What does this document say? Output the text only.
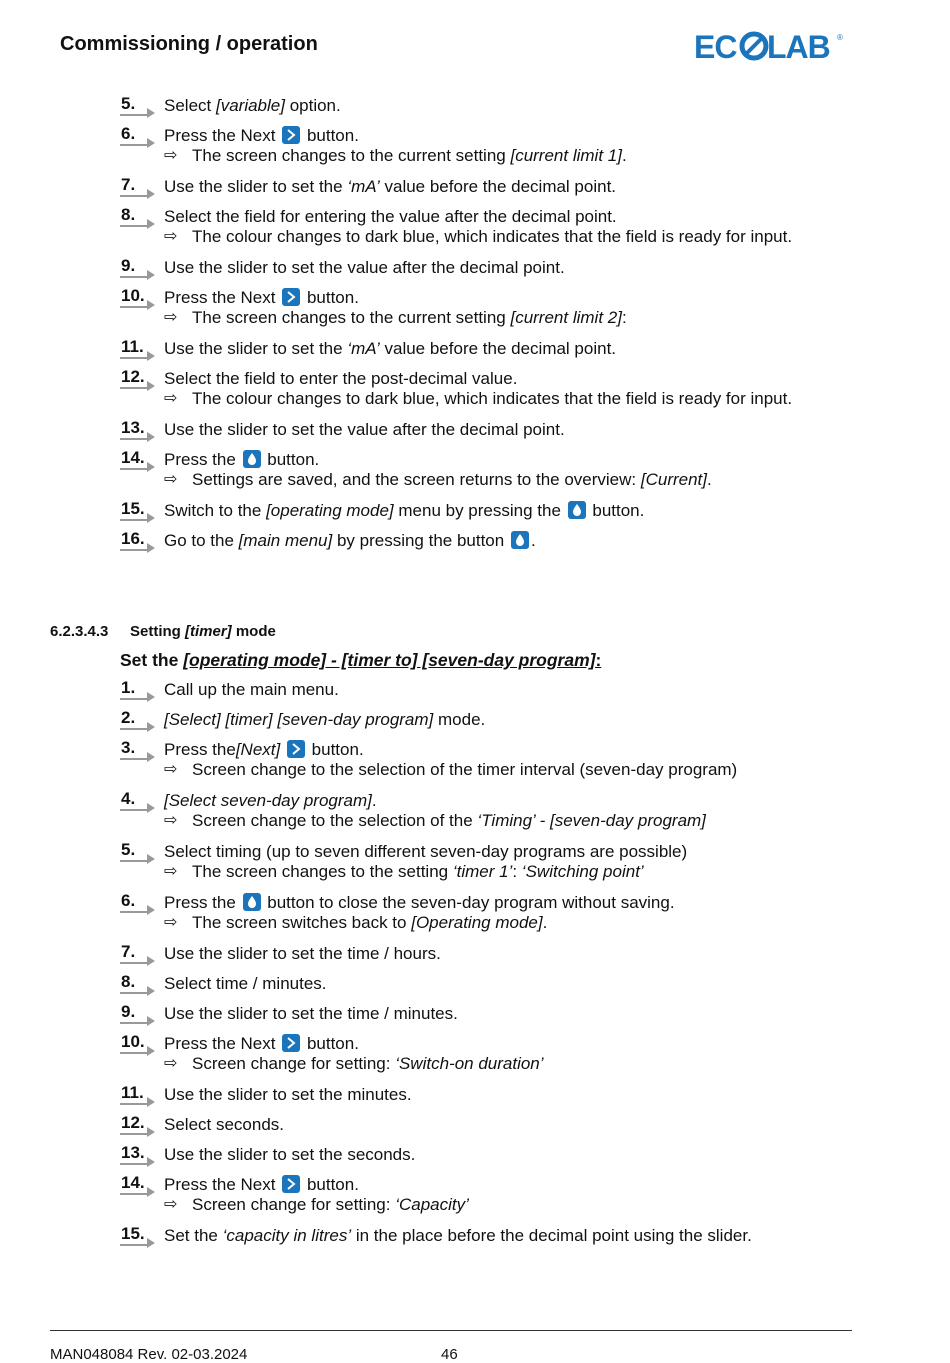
Commissioning / operation	EC LAB ®
5. Select [variable] option.
6. Press the Next
button.
⇨ The screen changes to the current setting [current limit 1].
7. Use the slider to set the ‘mA’ value before the decimal point.
8. Select the field for entering the value after the decimal point.
⇨ The colour changes to dark blue, which indicates that the field is ready for input.
9. Use the slider to set the value after the decimal point.
10. Press the Next
button.
⇨ The screen changes to the current setting [current limit 2]:
11. Use the slider to set the ‘mA’ value before the decimal point.
12. Select the field to enter the post-decimal value.
⇨ The colour changes to dark blue, which indicates that the field is ready for input.
13. Use the slider to set the value after the decimal point.
14. Press the
button.
⇨ Settings are saved, and the screen returns to the overview: [Current].
15. Switch to the [operating mode] menu by pressing the
button.
16. Go to the [main menu] by pressing the button
.
6.2.3.4.3 Setting [timer] mode
Set the [operating mode] - [timer to] [seven-day program]:
1. Call up the main menu.
2. [Select] [timer] [seven-day program] mode.
3. Press the[Next]
button.
⇨ Screen change to the selection of the timer interval (seven-day program)
4. [Select seven-day program].
⇨ Screen change to the selection of the ‘Timing’ - [seven-day program]
5. Select timing (up to seven different seven-day programs are possible)
⇨ The screen changes to the setting ‘timer 1’: ‘Switching point’
6. Press the
button to close the seven-day program without saving.
⇨ The screen switches back to [Operating mode].
7. Use the slider to set the time / hours.
8. Select time / minutes.
9. Use the slider to set the time / minutes.
10. Press the Next
button.
⇨ Screen change for setting: ‘Switch-on duration’
11. Use the slider to set the minutes.
12. Select seconds.
13. Use the slider to set the seconds.
14. Press the Next
button.
⇨ Screen change for setting: ‘Capacity’
15. Set the ‘capacity in litres’ in the place before the decimal point using the slider.
MAN048084 Rev. 02-03.2024	46
